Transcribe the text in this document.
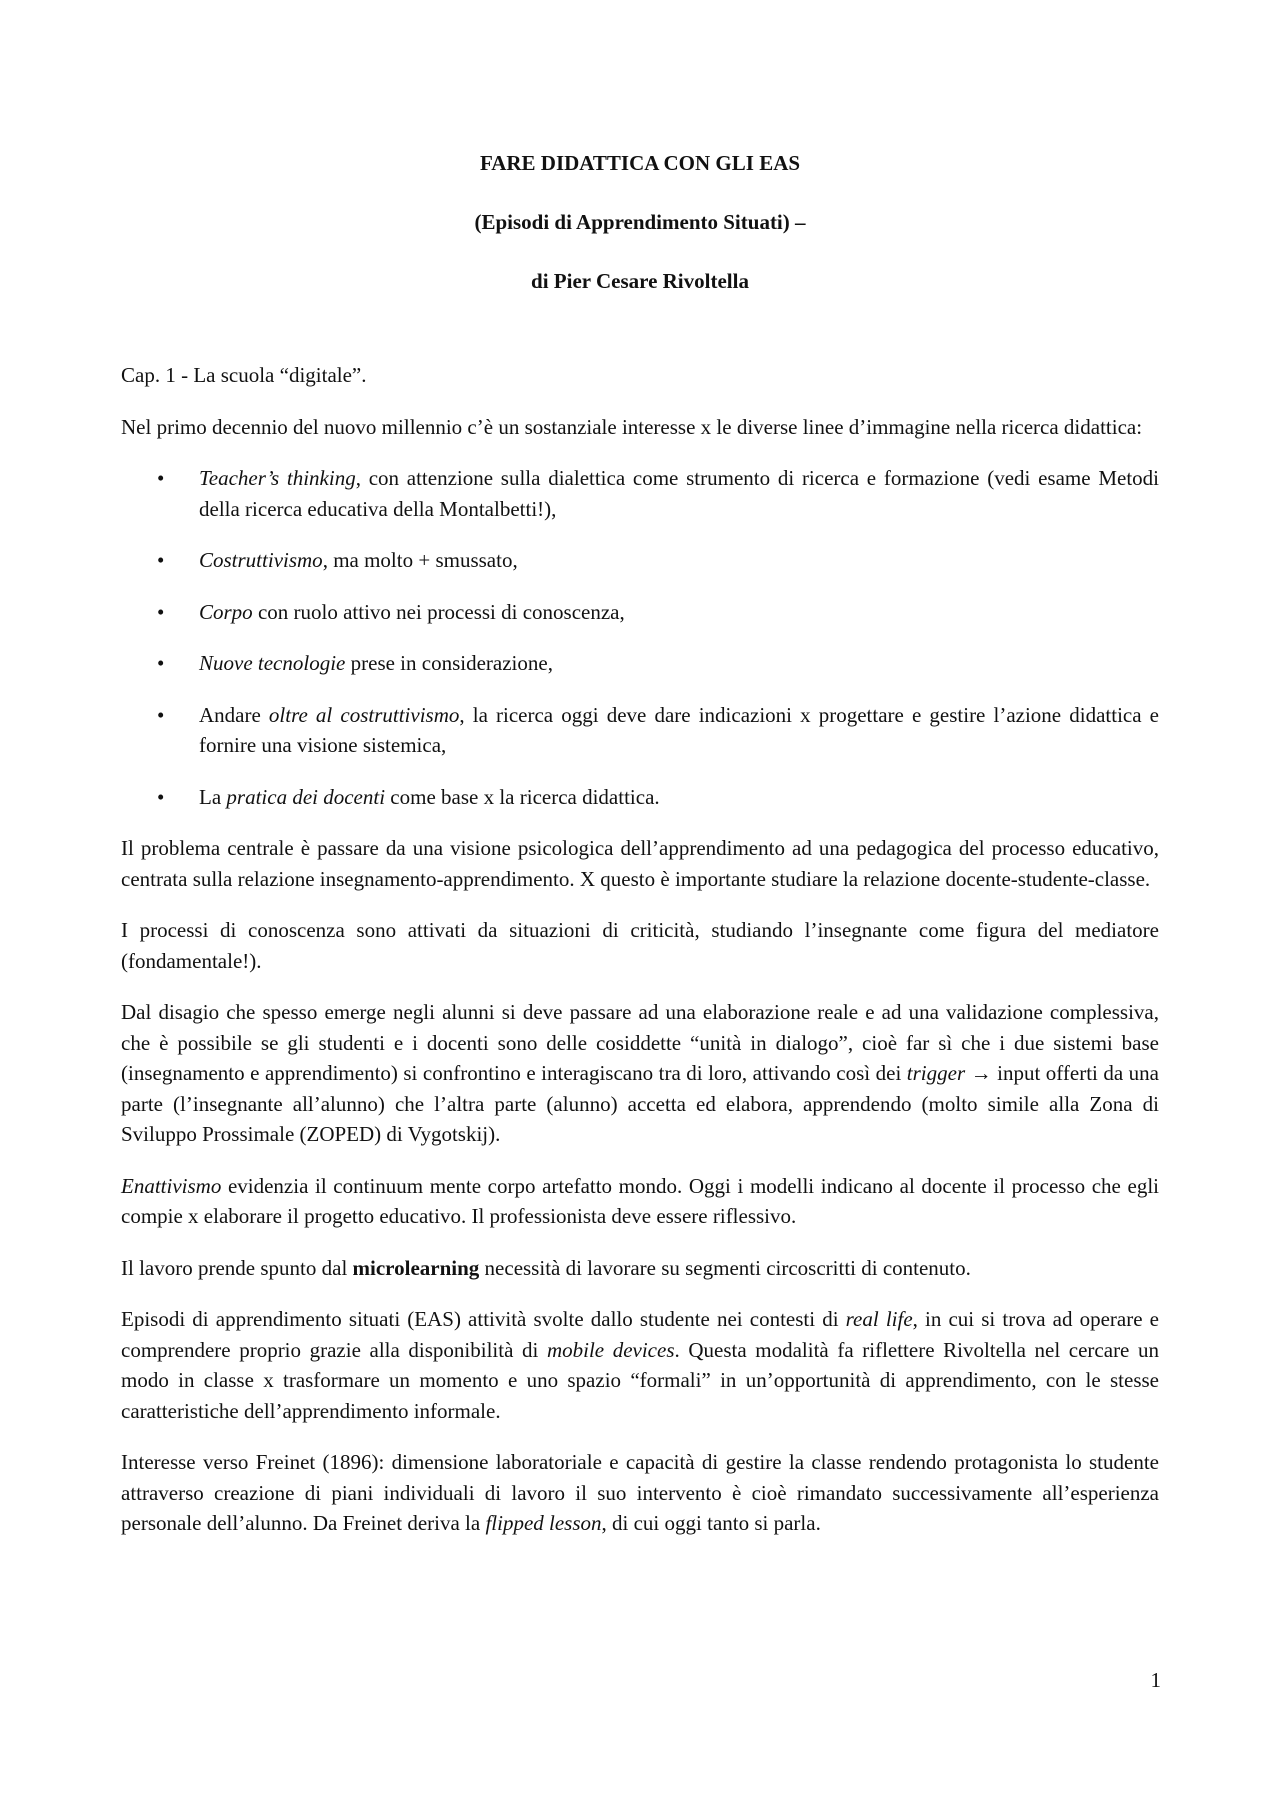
FARE DIDATTICA CON GLI EAS
(Episodi di Apprendimento Situati) –
di Pier Cesare Rivoltella

Cap. 1 - La scuola “digitale”.

Nel primo decennio del nuovo millennio c’è un sostanziale interesse x le diverse linee d’immagine nella ricerca didattica:

• Teacher’s thinking, con attenzione sulla dialettica come strumento di ricerca e formazione (vedi esame Metodi della ricerca educativa della Montalbetti!),
• Costruttivismo, ma molto + smussato,
• Corpo con ruolo attivo nei processi di conoscenza,
• Nuove tecnologie prese in considerazione,
• Andare oltre al costruttivismo, la ricerca oggi deve dare indicazioni x progettare e gestire l’azione didattica e fornire una visione sistemica,
• La pratica dei docenti come base x la ricerca didattica.

Il problema centrale è passare da una visione psicologica dell’apprendimento ad una pedagogica del processo educativo, centrata sulla relazione insegnamento-apprendimento. X questo è importante studiare la relazione docente-studente-classe.

I processi di conoscenza sono attivati da situazioni di criticità, studiando l’insegnante come figura del mediatore (fondamentale!).

Dal disagio che spesso emerge negli alunni si deve passare ad una elaborazione reale e ad una validazione complessiva, che è possibile se gli studenti e i docenti sono delle cosiddette “unità in dialogo”, cioè far sì che i due sistemi base (insegnamento e apprendimento) si confrontino e interagiscano tra di loro, attivando così dei trigger → input offerti da una parte (l’insegnante all’alunno) che l’altra parte (alunno) accetta ed elabora, apprendendo (molto simile alla Zona di Sviluppo Prossimale (ZOPED) di Vygotskij).

Enattivismo evidenzia il continuum mente corpo artefatto mondo. Oggi i modelli indicano al docente il processo che egli compie x elaborare il progetto educativo. Il professionista deve essere riflessivo.

Il lavoro prende spunto dal microlearning necessità di lavorare su segmenti circoscritti di contenuto.

Episodi di apprendimento situati (EAS) attività svolte dallo studente nei contesti di real life, in cui si trova ad operare e comprendere proprio grazie alla disponibilità di mobile devices. Questa modalità fa riflettere Rivoltella nel cercare un modo in classe x trasformare un momento e uno spazio “formali” in un’opportunità di apprendimento, con le stesse caratteristiche dell’apprendimento informale.

Interesse verso Freinet (1896): dimensione laboratoriale e capacità di gestire la classe rendendo protagonista lo studente attraverso creazione di piani individuali di lavoro il suo intervento è cioè rimandato successivamente all’esperienza personale dell’alunno. Da Freinet deriva la flipped lesson, di cui oggi tanto si parla.

1
